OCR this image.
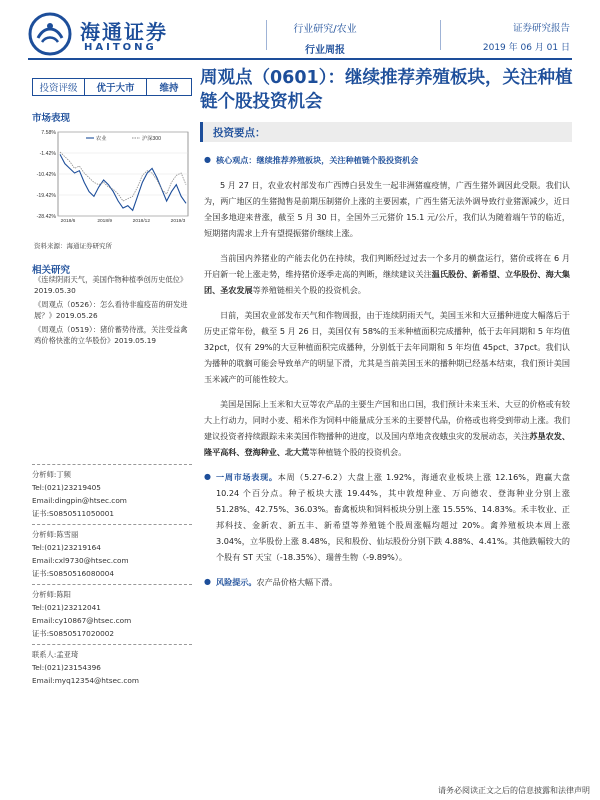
海通证券
HAITONG
行业研究/农业
行业周报
证券研究报告
2019 年 06 月 01 日
投资评级	优于大市	维持
周观点（0601）：继续推荐养殖板块，关注种植链个股投资机会
市场表现
7.58%
-1.42%
-10.42%
-19.42%
-28.42%
2018/6	2018/9	2018/12	2019/3
农业	沪深300
资料来源：海通证券研究所
相关研究
《连续阴雨天气，美国作物种植季创历史低位》2019.05.30
《周观点（0526）：怎么看待非瘟疫苗的研发进展？》2019.05.26
《周观点（0519）：猪价蓄势待涨，关注受益禽鸡价格快涨的立华股份》2019.05.19
分析师:丁频
Tel:(021)23219405
Email:dingpin@htsec.com
证书:S0850511050001
分析师:陈雪丽
Tel:(021)23219164
Email:cxl9730@htsec.com
证书:S0850516080004
分析师:陈阳
Tel:(021)23212041
Email:cy10867@htsec.com
证书:S0850517020002
联系人:孟亚琦
Tel:(021)23154396
Email:myq12354@htsec.com
投资要点：

● 核心观点：继续推荐养殖板块，关注种植链个股投资机会

5 月 27 日，农业农村部发布广西博白县发生一起非洲猪瘟疫情，广西生猪外调因此受限。我们认为，两广地区的生猪抛售是前期压制猪价上涨的主要因素，广西生猪无法外调导致行业猪源减少，近日全国多地迎来普涨，截至 5 月 30 日，全国外三元猪价 15.1 元/公斤，我们认为随着端午节的临近，短期猪肉需求上升有望提振猪价继续上涨。

当前国内养猪业的产能去化仍在持续，我们判断经过过去一个多月的横盘运行，猪价或将在 6 月开启新一轮上涨走势，维持猪价逐季走高的判断，继续建议关注温氏股份、新希望、立华股份、海大集团、圣农发展等养殖链相关个股的投资机会。

日前，美国农业部发布天气和作物周报，由于连续阴雨天气，美国玉米和大豆播种进度大幅落后于历史正常年份，截至 5 月 26 日，美国仅有 58%的玉米种植面积完成播种，低于去年同期和 5 年均值 32pct，仅有 29%的大豆种植面积完成播种，分别低于去年同期和 5 年均值 45pct、37pct。我们认为播种的耽搁可能会导致单产的明显下滑，尤其是当前美国玉米的播种期已经基本结束，我们预计美国玉米减产的可能性较大。

美国是国际上玉米和大豆等农产品的主要生产国和出口国，我们预计未来玉米、大豆的价格或有较大上行动力，同时小麦、稻米作为饲料中能量成分玉米的主要替代品，价格或也将受到带动上涨。我们建议投资者持续跟踪未来美国作物播种的进度，以及国内草地贪夜蛾虫灾的发展动态，关注苏垦农发、隆平高科、登海种业、北大荒等种植链个股的投资机会。

● 一周市场表现。本周（5.27-6.2）大盘上涨 1.92%，海通农业板块上涨 12.16%，跑赢大盘 10.24 个百分点。种子板块大涨 19.44%，其中敦煌种业、万向德农、登海种业分别上涨 51.28%、42.75%、36.03%。畜禽板块和饲料板块分别上涨 15.55%、14.83%。禾丰牧业、正邦科技、金新农、新五丰、新希望等养殖链个股周涨幅均超过 20%。禽养殖板块本周上涨 3.04%，立华股份上涨 8.48%，民和股份、仙坛股份分别下跌 4.88%、4.41%。其他跌幅较大的个股有 ST 天宝（-18.35%）、瑞普生物（-9.89%）。

● 风险提示。农产品价格大幅下滑。

请务必阅读正文之后的信息披露和法律声明
